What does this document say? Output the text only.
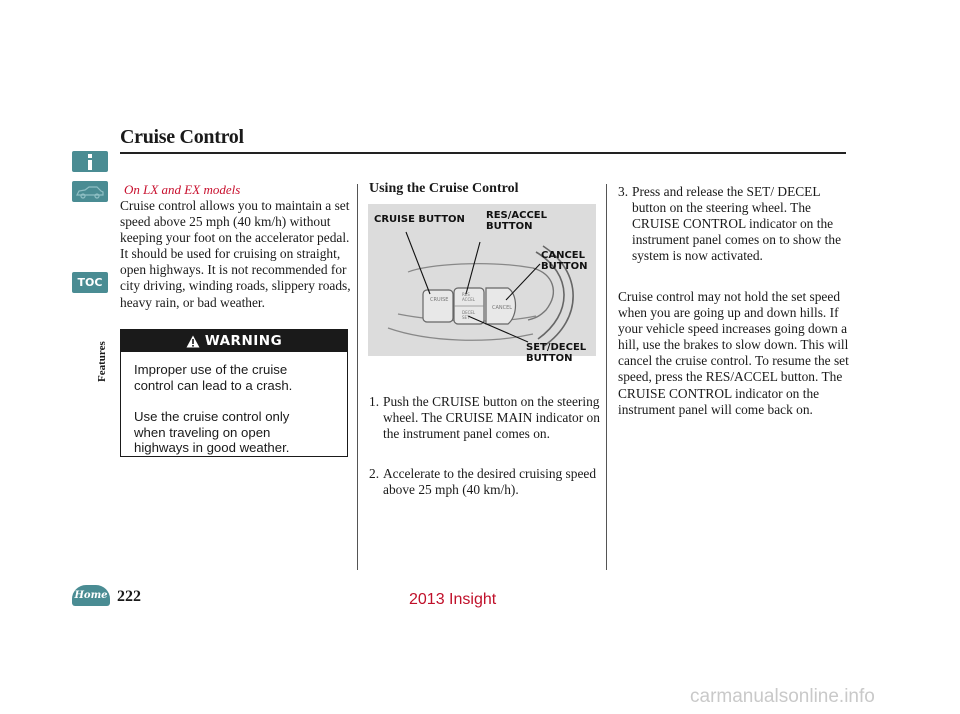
Cruise Control
TOC
Features
Home 222
On LX and EX models
Cruise control allows you to maintain a set speed above 25 mph (40 km/h) without keeping your foot on the accelerator pedal. It should be used for cruising on straight, open highways. It is not recommended for city driving, winding roads, slippery roads, heavy rain, or bad weather.
WARNING

Improper use of the cruise
control can lead to a crash.

Use the cruise control only
when traveling on open
highways in good weather.

Using the Cruise Control
CRUISE
RES
ACCEL
DECEL
SET
CANCEL
CRUISE BUTTON RES/ACCEL
BUTTON
CANCEL
BUTTON
SET/DECEL
BUTTON
1. Push the CRUISE button on the steering wheel. The CRUISE MAIN indicator on the instrument panel comes on.
2. Accelerate to the desired cruising speed above 25 mph (40 km/h).
3. Press and release the SET/ DECEL button on the steering wheel. The CRUISE CONTROL indicator on the instrument panel comes on to show the system is now activated.
Cruise control may not hold the set speed when you are going up and down hills. If your vehicle speed increases going down a hill, use the brakes to slow down. This will cancel the cruise control. To resume the set speed, press the RES/ACCEL button. The CRUISE CONTROL indicator on the instrument panel will come back on.
2013 Insight
carmanualsonline.info
